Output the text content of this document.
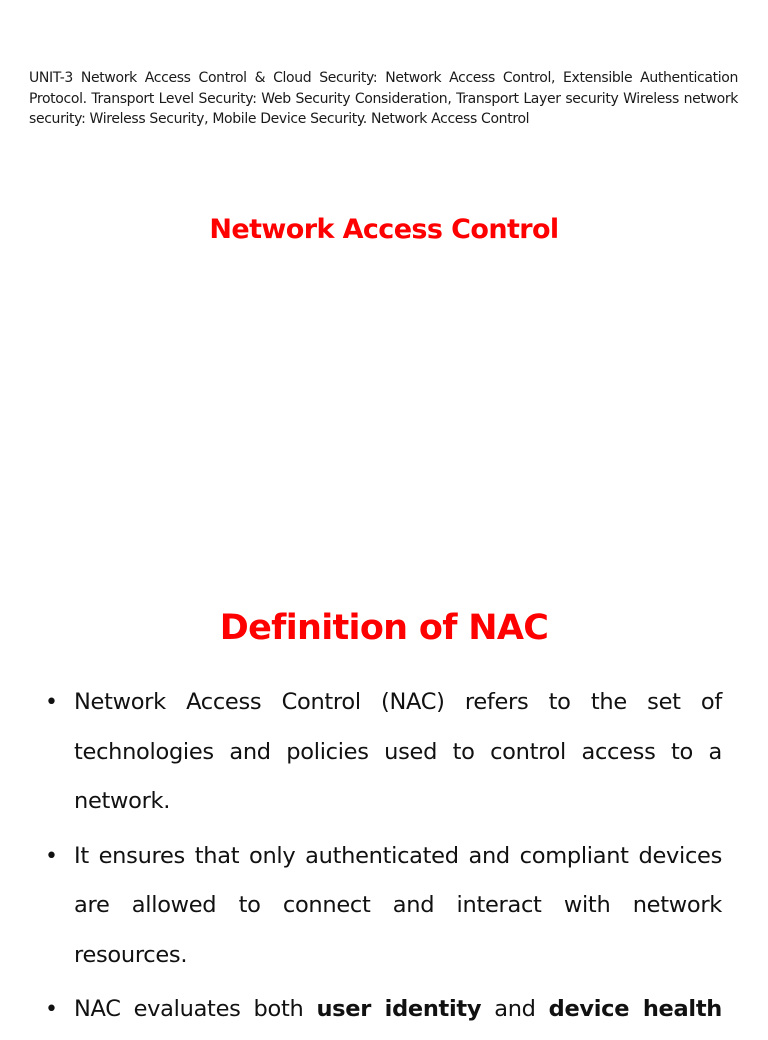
UNIT-3 Network Access Control & Cloud Security: Network Access Control, Extensible Authentication Protocol. Transport Level Security: Web Security Consideration, Transport Layer security Wireless network security: Wireless Security, Mobile Device Security. Network Access Control
Network Access Control
Definition of NAC
• Network Access Control (NAC) refers to the set of technologies and policies used to control access to a network.
• It ensures that only authenticated and compliant devices are allowed to connect and interact with network resources.
• NAC evaluates both user identity and device health
